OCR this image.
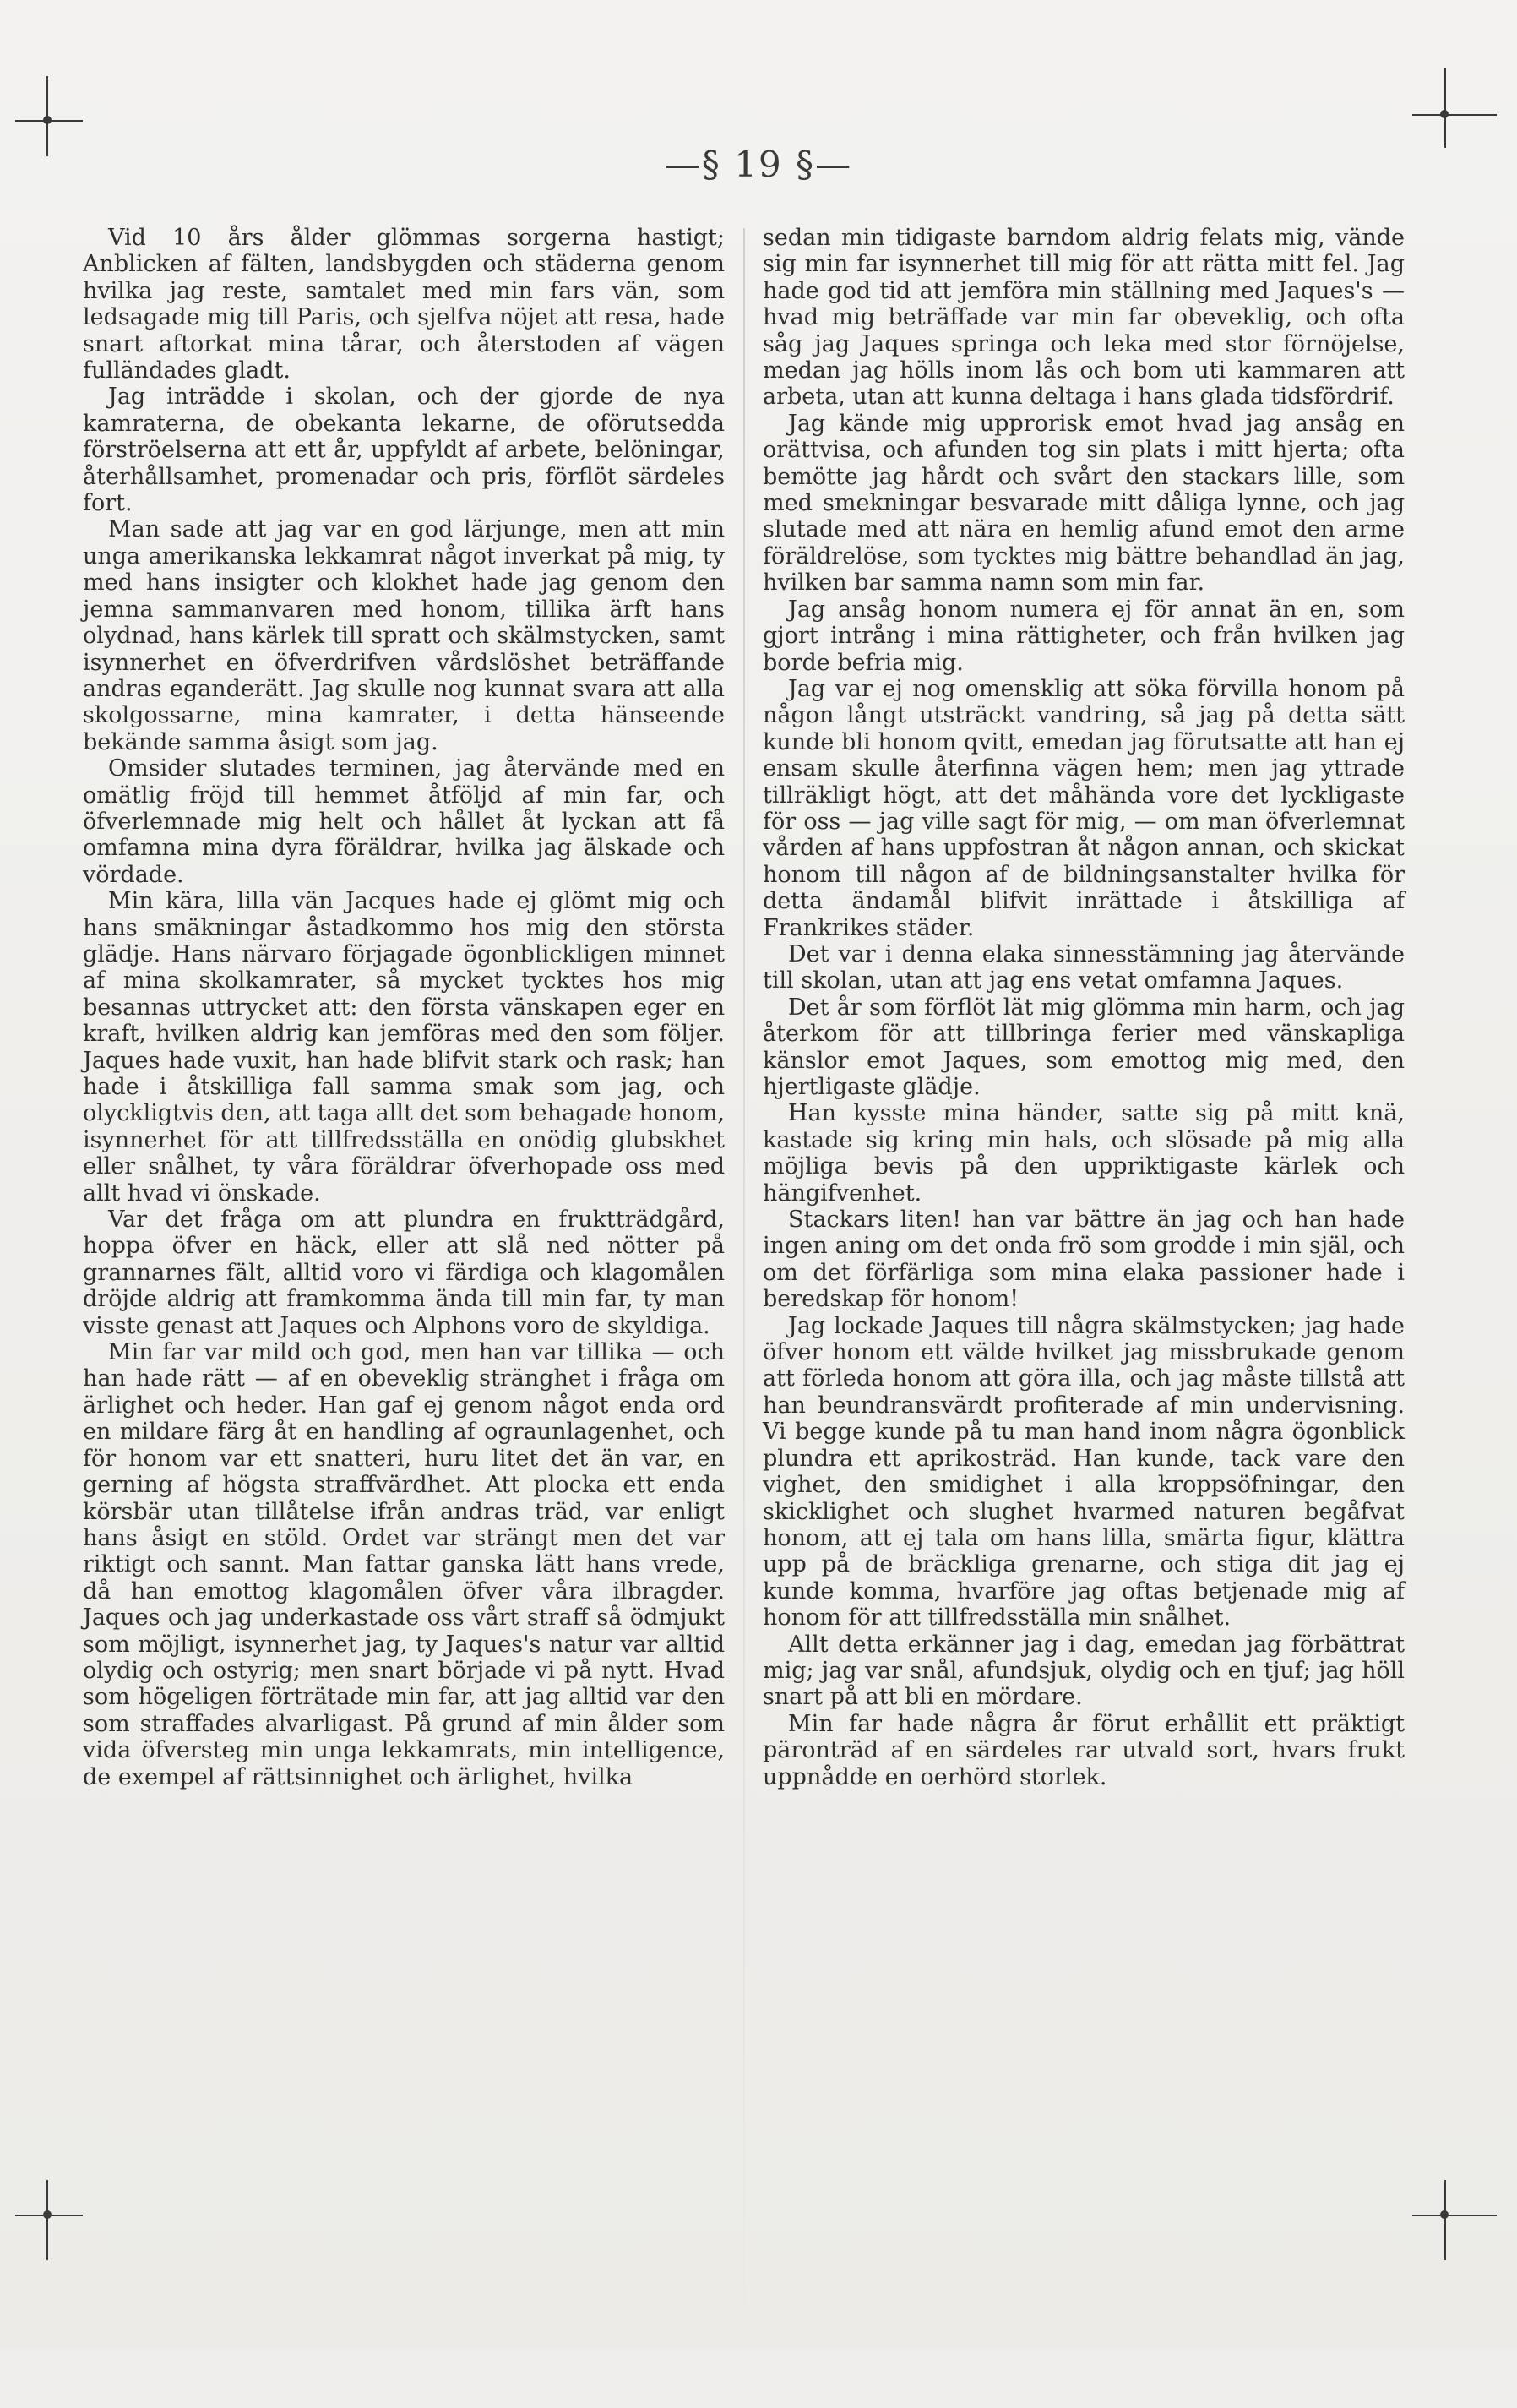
—§ 19 §—

Vid 10 års ålder glömmas sorgerna hastigt; Anblicken af fälten, landsbygden och städerna genom hvilka jag reste, samtalet med min fars vän, som ledsagade mig till Paris, och sjelfva nöjet att resa, hade snart aftorkat mina tårar, och återstoden af vägen fulländades gladt.

Jag inträdde i skolan, och der gjorde de nya kamraterna, de obekanta lekarne, de oförutsedda förströelserna att ett år, uppfyldt af arbete, belöningar, återhållsamhet, promenadar och pris, förflöt särdeles fort.

Man sade att jag var en god lärjunge, men att min unga amerikanska lekkamrat något inverkat på mig, ty med hans insigter och klokhet hade jag genom den jemna sammanvaren med honom, tillika ärft hans olydnad, hans kärlek till spratt och skälmstycken, samt isynnerhet en öfverdrifven vårdslöshet beträffande andras eganderätt. Jag skulle nog kunnat svara att alla skolgossarne, mina kamrater, i detta hänseende bekände samma åsigt som jag.

Omsider slutades terminen, jag återvände med en omätlig fröjd till hemmet åtföljd af min far, och öfverlemnade mig helt och hållet åt lyckan att få omfamna mina dyra föräldrar, hvilka jag älskade och vördade.

Min kära, lilla vän Jacques hade ej glömt mig och hans smäkningar åstadkommo hos mig den största glädje. Hans närvaro förjagade ögonblickligen minnet af mina skolkamrater, så mycket tycktes hos mig besannas uttrycket att: den första vänskapen eger en kraft, hvilken aldrig kan jemföras med den som följer. Jaques hade vuxit, han hade blifvit stark och rask; han hade i åtskilliga fall samma smak som jag, och olyckligtvis den, att taga allt det som behagade honom, isynnerhet för att tillfredsställa en onödig glubskhet eller snålhet, ty våra föräldrar öfverhopade oss med allt hvad vi önskade.

Var det fråga om att plundra en fruktträdgård, hoppa öfver en häck, eller att slå ned nötter på grannarnes fält, alltid voro vi färdiga och klagomålen dröjde aldrig att framkomma ända till min far, ty man visste genast att Jaques och Alphons voro de skyldiga.

Min far var mild och god, men han var tillika — och han hade rätt — af en obeveklig stränghet i fråga om ärlighet och heder. Han gaf ej genom något enda ord en mildare färg åt en handling af ograunlagenhet, och för honom var ett snatteri, huru litet det än var, en gerning af högsta straffvärdhet. Att plocka ett enda körsbär utan tillåtelse ifrån andras träd, var enligt hans åsigt en stöld. Ordet var strängt men det var riktigt och sannt. Man fattar ganska lätt hans vrede, då han emottog klagomålen öfver våra ilbragder. Jaques och jag underkastade oss vårt straff så ödmjukt som möjligt, isynnerhet jag, ty Jaques's natur var alltid olydig och ostyrig; men snart började vi på nytt. Hvad som högeligen förträtade min far, att jag alltid var den som straffades alvarligast. På grund af min ålder som vida öfversteg min unga lekkamrats, min intelligence, de exempel af rättsinnighet och ärlighet, hvilka

sedan min tidigaste barndom aldrig felats mig, vände sig min far isynnerhet till mig för att rätta mitt fel. Jag hade god tid att jemföra min ställning med Jaques's — hvad mig beträffade var min far obeveklig, och ofta såg jag Jaques springa och leka med stor förnöjelse, medan jag hölls inom lås och bom uti kammaren att arbeta, utan att kunna deltaga i hans glada tidsfördrif.

Jag kände mig upprorisk emot hvad jag ansåg en orättvisa, och afunden tog sin plats i mitt hjerta; ofta bemötte jag hårdt och svårt den stackars lille, som med smekningar besvarade mitt dåliga lynne, och jag slutade med att nära en hemlig afund emot den arme föräldrelöse, som tycktes mig bättre behandlad än jag, hvilken bar samma namn som min far.

Jag ansåg honom numera ej för annat än en, som gjort intrång i mina rättigheter, och från hvilken jag borde befria mig.

Jag var ej nog omensklig att söka förvilla honom på någon långt utsträckt vandring, så jag på detta sätt kunde bli honom qvitt, emedan jag förutsatte att han ej ensam skulle återfinna vägen hem; men jag yttrade tillräkligt högt, att det måhända vore det lyckligaste för oss — jag ville sagt för mig, — om man öfverlemnat vården af hans uppfostran åt någon annan, och skickat honom till någon af de bildningsanstalter hvilka för detta ändamål blifvit inrättade i åtskilliga af Frankrikes städer.

Det var i denna elaka sinnesstämning jag återvände till skolan, utan att jag ens vetat omfamna Jaques.

Det år som förflöt lät mig glömma min harm, och jag återkom för att tillbringa ferier med vänskapliga känslor emot Jaques, som emottog mig med, den hjertligaste glädje.

Han kysste mina händer, satte sig på mitt knä, kastade sig kring min hals, och slösade på mig alla möjliga bevis på den uppriktigaste kärlek och hängifvenhet.

Stackars liten! han var bättre än jag och han hade ingen aning om det onda frö som grodde i min själ, och om det förfärliga som mina elaka passioner hade i beredskap för honom!

Jag lockade Jaques till några skälmstycken; jag hade öfver honom ett välde hvilket jag missbrukade genom att förleda honom att göra illa, och jag måste tillstå att han beundransvärdt profiterade af min undervisning. Vi begge kunde på tu man hand inom några ögonblick plundra ett aprikosträd. Han kunde, tack vare den vighet, den smidighet i alla kroppsöfningar, den skicklighet och slughet hvarmed naturen begåfvat honom, att ej tala om hans lilla, smärta figur, klättra upp på de bräckliga grenarne, och stiga dit jag ej kunde komma, hvarföre jag oftas betjenade mig af honom för att tillfredsställa min snålhet.

Allt detta erkänner jag i dag, emedan jag förbättrat mig; jag var snål, afundsjuk, olydig och en tjuf; jag höll snart på att bli en mördare.

Min far hade några år förut erhållit ett präktigt päronträd af en särdeles rar utvald sort, hvars frukt uppnådde en oerhörd storlek.
